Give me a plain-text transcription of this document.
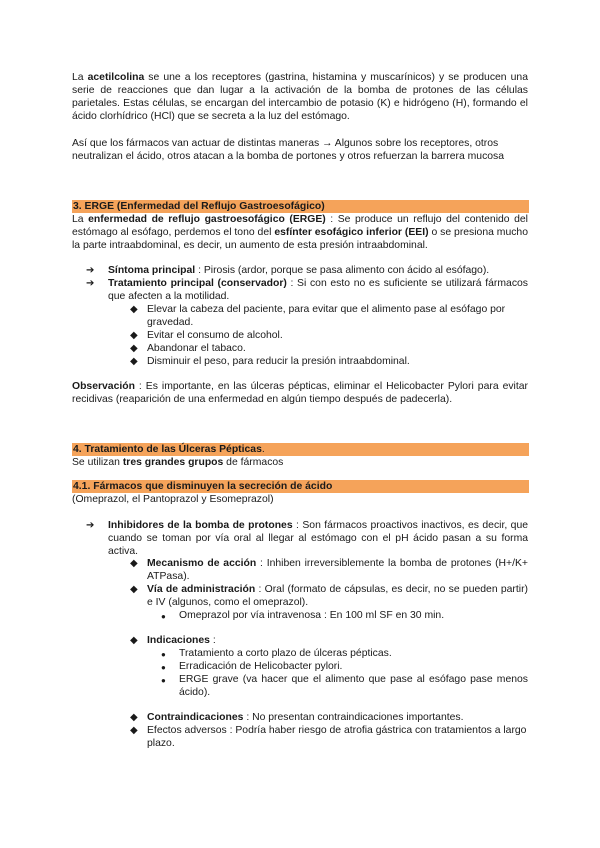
La acetilcolina se une a los receptores (gastrina, histamina y muscarínicos) y se producen una serie de reacciones que dan lugar a la activación de la bomba de protones de las células parietales. Estas células, se encargan del intercambio de potasio (K) e hidrógeno (H), formando el ácido clorhídrico (HCl) que se secreta a la luz del estómago.
Así que los fármacos van actuar de distintas maneras → Algunos sobre los receptores, otros neutralizan el ácido, otros atacan a la bomba de portones y otros refuerzan la barrera mucosa
3. ERGE (Enfermedad del Reflujo Gastroesofágico)
La enfermedad de reflujo gastroesofágico (ERGE) : Se produce un reflujo del contenido del estómago al esófago, perdemos el tono del esfínter esofágico inferior (EEI) o se presiona mucho la parte intraabdominal, es decir, un aumento de esta presión intraabdominal.
➔ Síntoma principal : Pirosis (ardor, porque se pasa alimento con ácido al esófago).
➔ Tratamiento principal (conservador) : Si con esto no es suficiente se utilizará fármacos que afecten a la motilidad.
◆ Elevar la cabeza del paciente, para evitar que el alimento pase al esófago por gravedad.
◆ Evitar el consumo de alcohol.
◆ Abandonar el tabaco.
◆ Disminuir el peso, para reducir la presión intraabdominal.
Observación : Es importante, en las úlceras pépticas, eliminar el Helicobacter Pylori para evitar recidivas (reaparición de una enfermedad en algún tiempo después de padecerla).
4. Tratamiento de las Úlceras Pépticas.
Se utilizan tres grandes grupos de fármacos
4.1. Fármacos que disminuyen la secreción de ácido
(Omeprazol, el Pantoprazol y Esomeprazol)
➔ Inhibidores de la bomba de protones : Son fármacos proactivos inactivos, es decir, que cuando se toman por vía oral al llegar al estómago con el pH ácido pasan a su forma activa.
◆ Mecanismo de acción : Inhiben irreversiblemente la bomba de protones (H+/K+ ATPasa).
◆ Vía de administración : Oral (formato de cápsulas, es decir, no se pueden partir) e IV (algunos, como el omeprazol).
● Omeprazol por vía intravenosa : En 100 ml SF en 30 min.
◆ Indicaciones :
● Tratamiento a corto plazo de úlceras pépticas.
● Erradicación de Helicobacter pylori.
● ERGE grave (va hacer que el alimento que pase al esófago pase menos ácido).
◆ Contraindicaciones : No presentan contraindicaciones importantes.
◆ Efectos adversos : Podría haber riesgo de atrofia gástrica con tratamientos a largo plazo.
